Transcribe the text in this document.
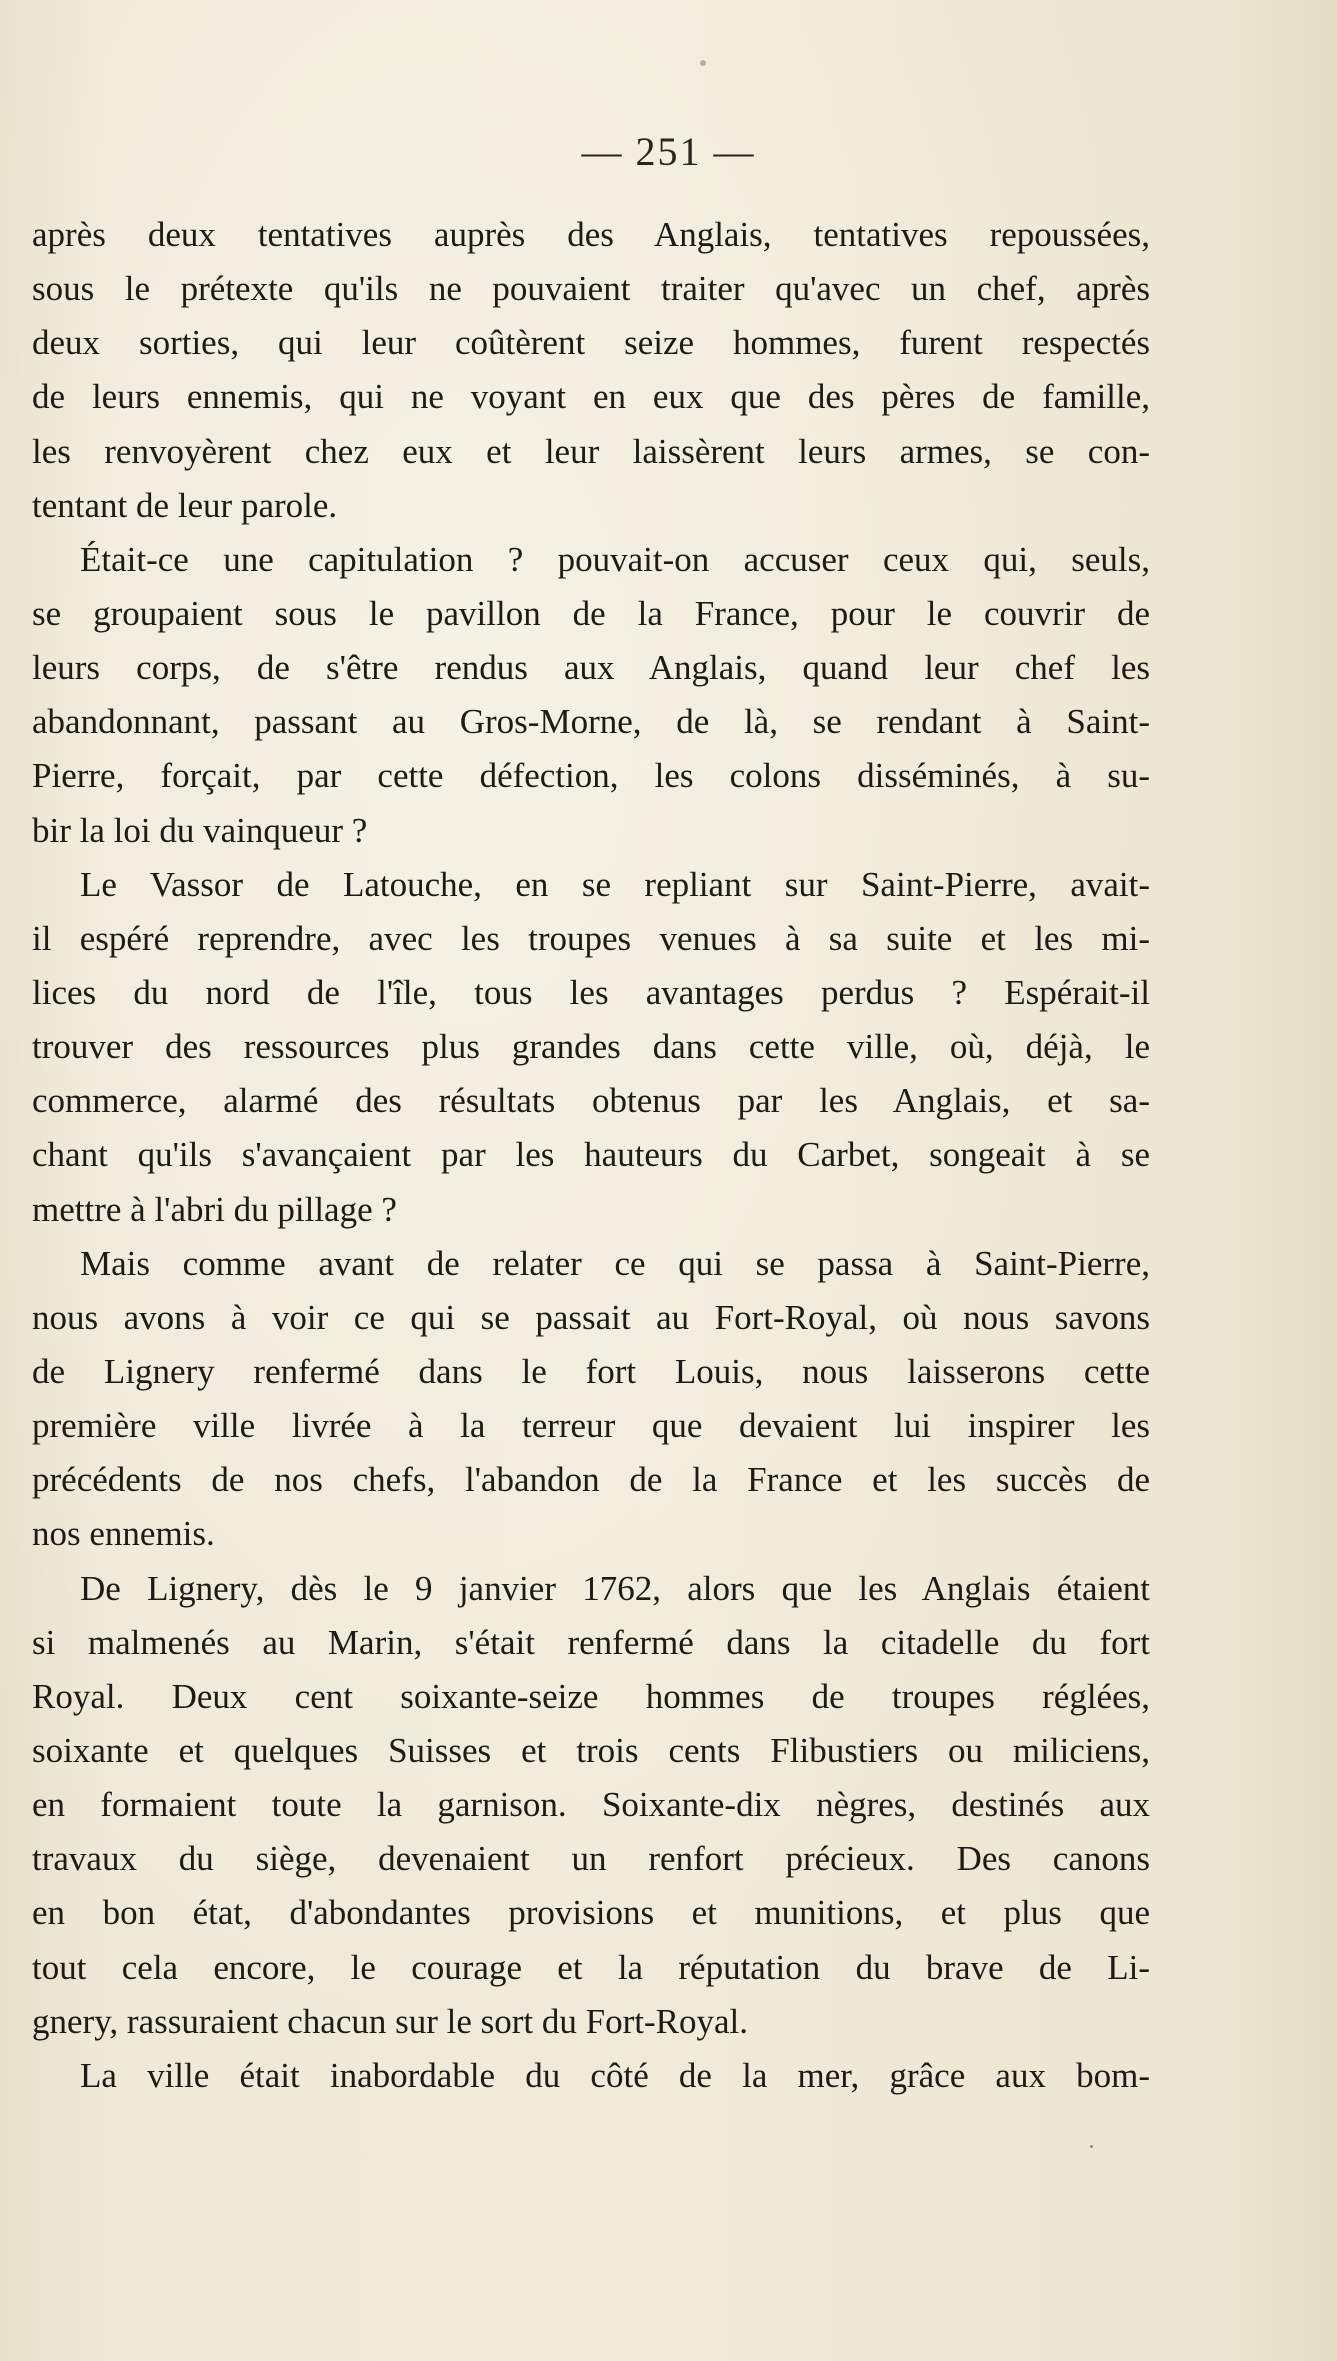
— 251 —
après deux tentatives auprès des Anglais, tentatives repoussées,
sous le prétexte qu'ils ne pouvaient traiter qu'avec un chef, après
deux sorties, qui leur coûtèrent seize hommes, furent respectés
de leurs ennemis, qui ne voyant en eux que des pères de famille,
les renvoyèrent chez eux et leur laissèrent leurs armes, se con-
tentant de leur parole.
Était-ce une capitulation ? pouvait-on accuser ceux qui, seuls,
se groupaient sous le pavillon de la France, pour le couvrir de
leurs corps, de s'être rendus aux Anglais, quand leur chef les
abandonnant, passant au Gros-Morne, de là, se rendant à Saint-
Pierre, forçait, par cette défection, les colons disséminés, à su-
bir la loi du vainqueur ?
Le Vassor de Latouche, en se repliant sur Saint-Pierre, avait-
il espéré reprendre, avec les troupes venues à sa suite et les mi-
lices du nord de l'île, tous les avantages perdus ? Espérait-il
trouver des ressources plus grandes dans cette ville, où, déjà, le
commerce, alarmé des résultats obtenus par les Anglais, et sa-
chant qu'ils s'avançaient par les hauteurs du Carbet, songeait à se
mettre à l'abri du pillage ?
Mais comme avant de relater ce qui se passa à Saint-Pierre,
nous avons à voir ce qui se passait au Fort-Royal, où nous savons
de Lignery renfermé dans le fort Louis, nous laisserons cette
première ville livrée à la terreur que devaient lui inspirer les
précédents de nos chefs, l'abandon de la France et les succès de
nos ennemis.
De Lignery, dès le 9 janvier 1762, alors que les Anglais étaient
si malmenés au Marin, s'était renfermé dans la citadelle du fort
Royal. Deux cent soixante-seize hommes de troupes réglées,
soixante et quelques Suisses et trois cents Flibustiers ou miliciens,
en formaient toute la garnison. Soixante-dix nègres, destinés aux
travaux du siège, devenaient un renfort précieux. Des canons
en bon état, d'abondantes provisions et munitions, et plus que
tout cela encore, le courage et la réputation du brave de Li-
gnery, rassuraient chacun sur le sort du Fort-Royal.
La ville était inabordable du côté de la mer, grâce aux bom-
